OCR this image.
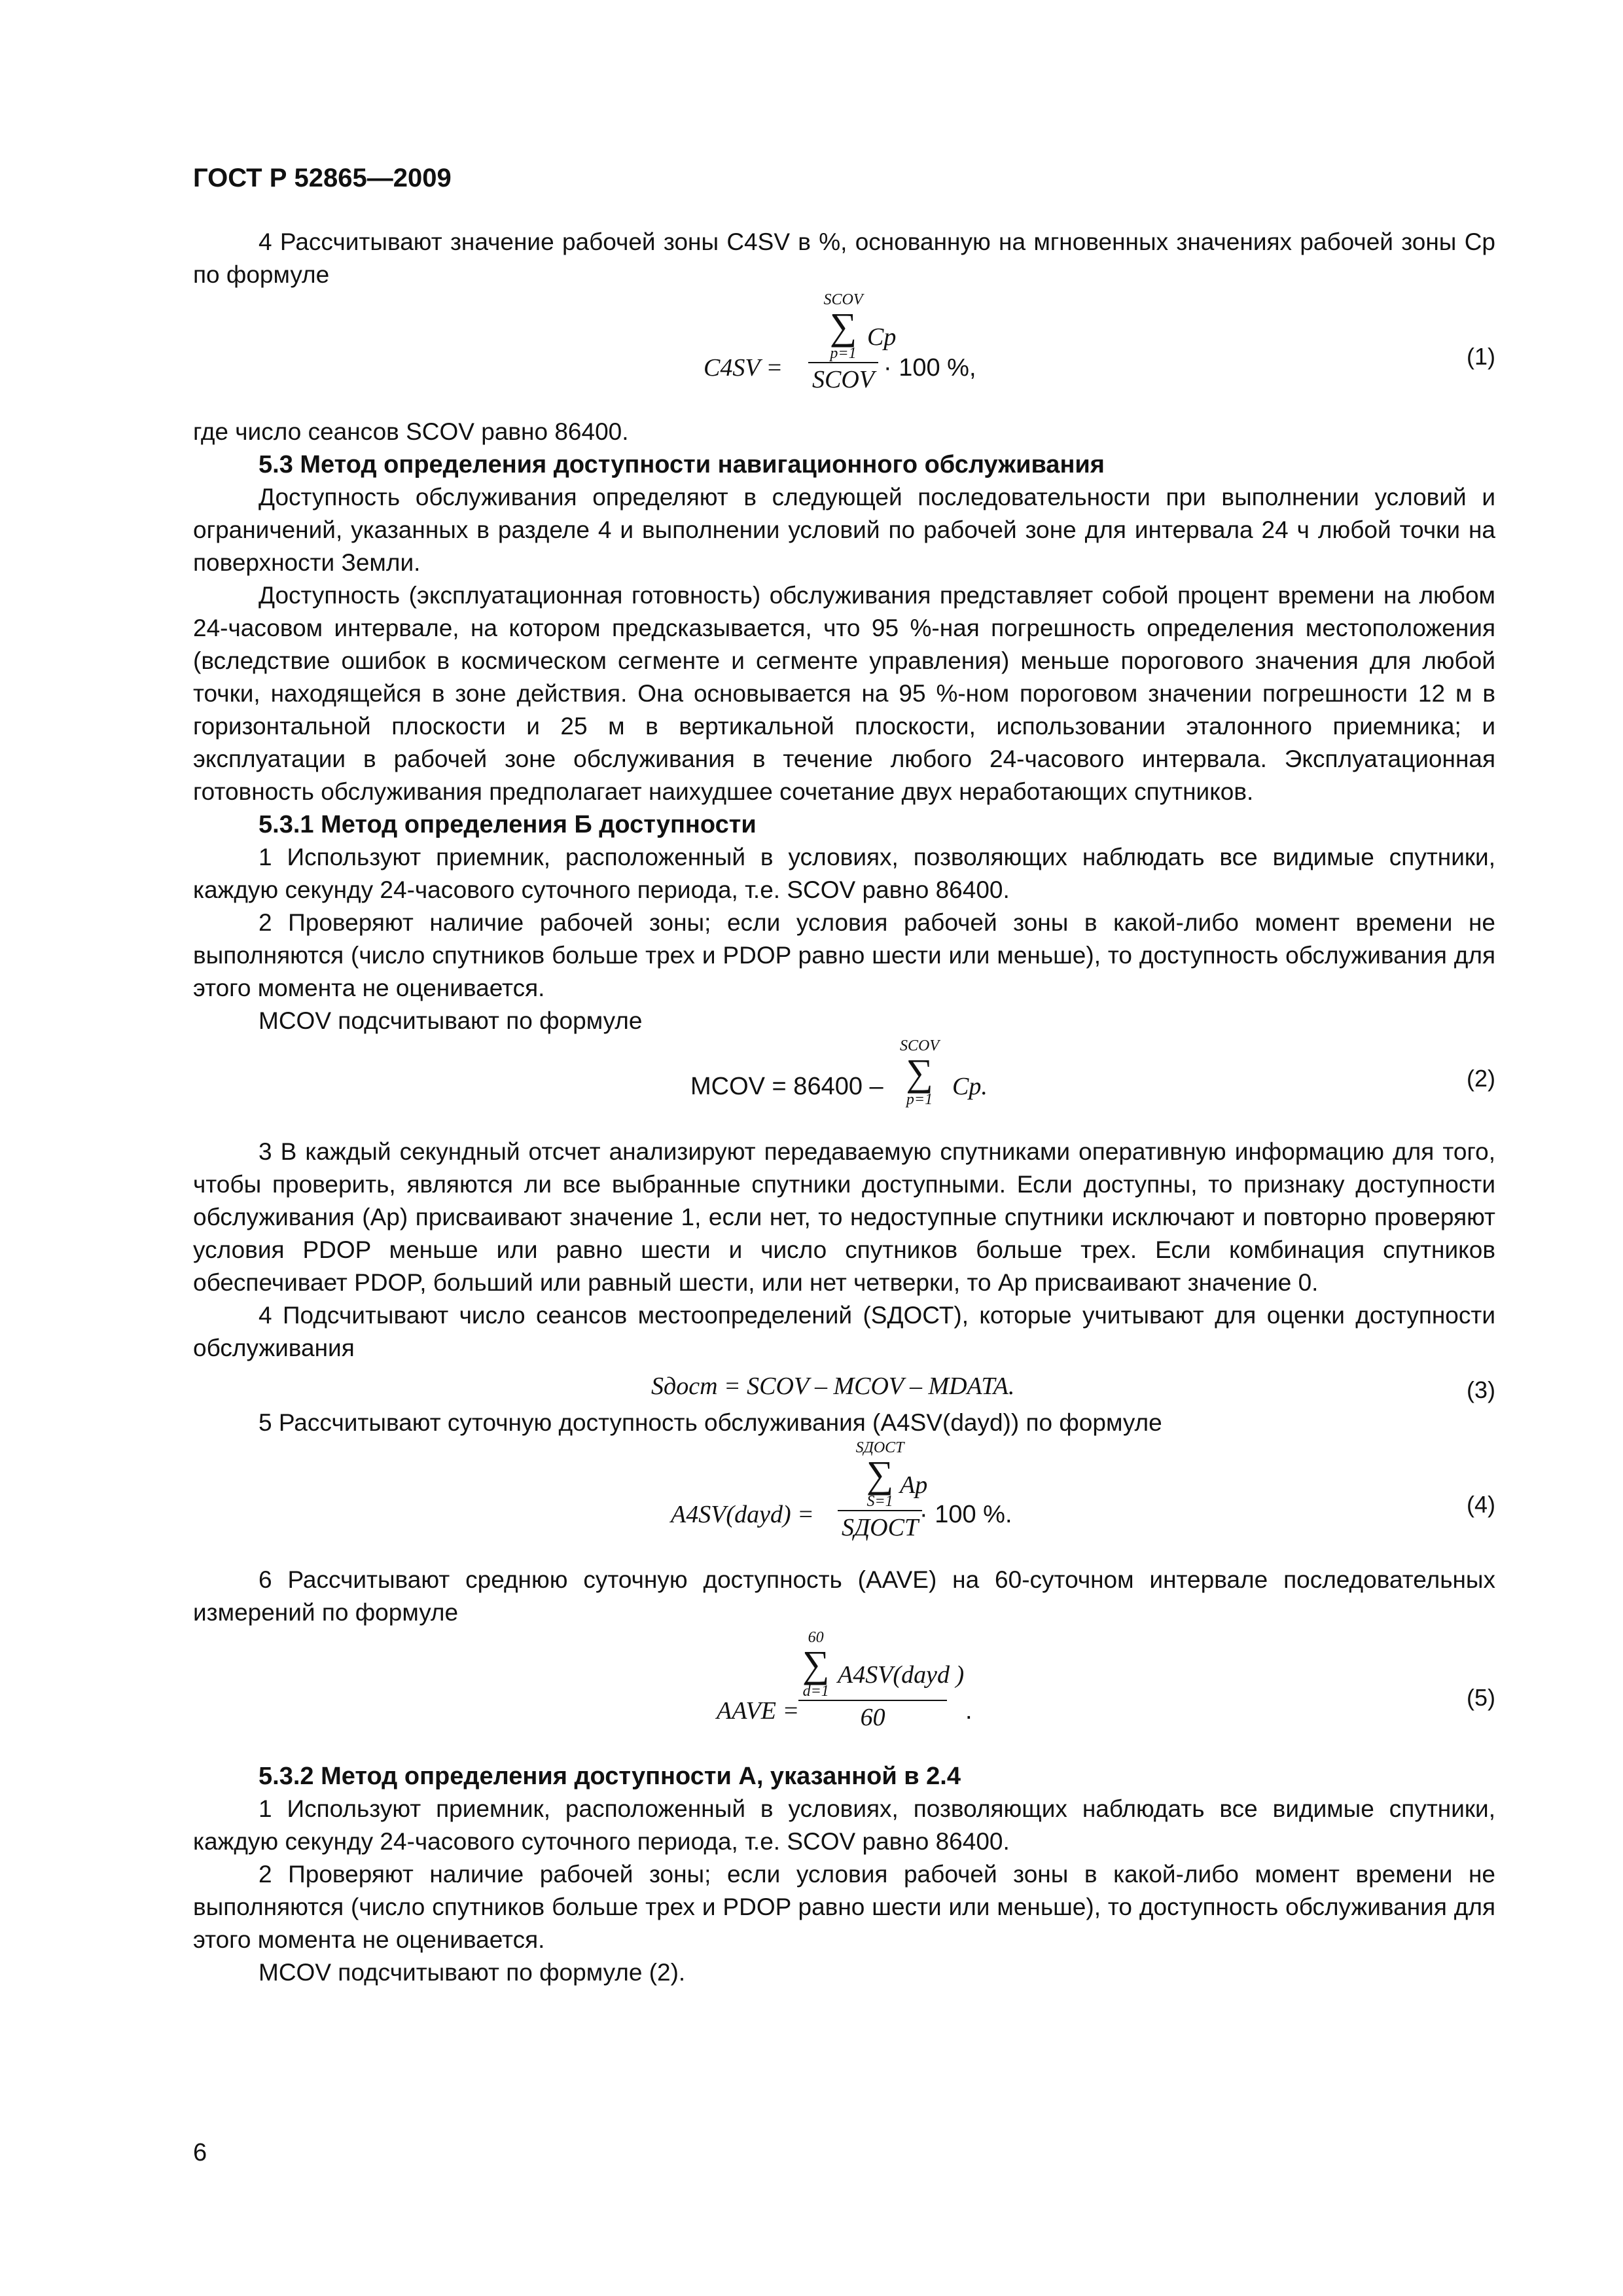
ГОСТ Р 52865—2009

4 Рассчитывают значение рабочей зоны C4SV в %, основанную на мгновенных значениях рабочей зоны Cp по формуле

C4SV = SCOV
∑
p=1
SCOV
Cp
· 100 %,	(1)

где число сеансов SCOV равно 86400.

5.3 Метод определения доступности навигационного обслуживания

Доступность обслуживания определяют в следующей последовательности при выполнении условий и ограничений, указанных в разделе 4 и выполнении условий по рабочей зоне для интервала 24 ч любой точки на поверхности Земли.

Доступность (эксплуатационная готовность) обслуживания представляет собой процент времени на любом 24-часовом интервале, на котором предсказывается, что 95 %-ная погрешность определения местоположения (вследствие ошибок в космическом сегменте и сегменте управления) меньше порогового значения для любой точки, находящейся в зоне действия. Она основывается на 95 %-ном пороговом значении погрешности 12 м в горизонтальной плоскости и 25 м в вертикальной плоскости, использовании эталонного приемника; и эксплуатации в рабочей зоне обслуживания в течение любого 24-часового интервала. Эксплуатационная готовность обслуживания предполагает наихудшее сочетание двух неработающих спутников.

5.3.1 Метод определения Б доступности

1 Используют приемник, расположенный в условиях, позволяющих наблюдать все видимые спутники, каждую секунду 24-часового суточного периода, т.е. SCOV равно 86400.

2 Проверяют наличие рабочей зоны; если условия рабочей зоны в какой-либо момент времени не выполняются (число спутников больше трех и PDOP равно шести или меньше), то доступность обслуживания для этого момента не оценивается.

MCOV подсчитывают по формуле

MCOV = 86400 –
SCOV
∑
p=1 Cp.	(2)

3 В каждый секундный отсчет анализируют передаваемую спутниками оперативную информацию для того, чтобы проверить, являются ли все выбранные спутники доступными. Если доступны, то признаку доступности обслуживания (Ap) присваивают значение 1, если нет, то недоступные спутники исключают и повторно проверяют условия PDOP меньше или равно шести и число спутников больше трех. Если комбинация спутников обеспечивает PDOP, больший или равный шести, или нет четверки, то Ap присваивают значение 0.

4 Подсчитывают число сеансов местоопределений (SДОСТ), которые учитывают для оценки доступности обслуживания

Sдост = SCOV – MCOV – MDATA.	(3)

5 Рассчитывают суточную доступность обслуживания (A4SV(dayd)) по формуле

A4SV(dayd) = SДОСТ
∑
S=1
SДОСТ
Ap
· 100 %.	(4)

6 Рассчитывают среднюю суточную доступность (AAVE) на 60-суточном интервале последовательных измерений по формуле

AAVE =
60
∑
d=1
60
A4SV(dayd )
.	(5)

5.3.2 Метод определения доступности А, указанной в 2.4

1 Используют приемник, расположенный в условиях, позволяющих наблюдать все видимые спутники, каждую секунду 24-часового суточного периода, т.е. SCOV равно 86400.

2 Проверяют наличие рабочей зоны; если условия рабочей зоны в какой-либо момент времени не выполняются (число спутников больше трех и PDOP равно шести или меньше), то доступность обслуживания для этого момента не оценивается.

MCOV подсчитывают по формуле (2).

6
